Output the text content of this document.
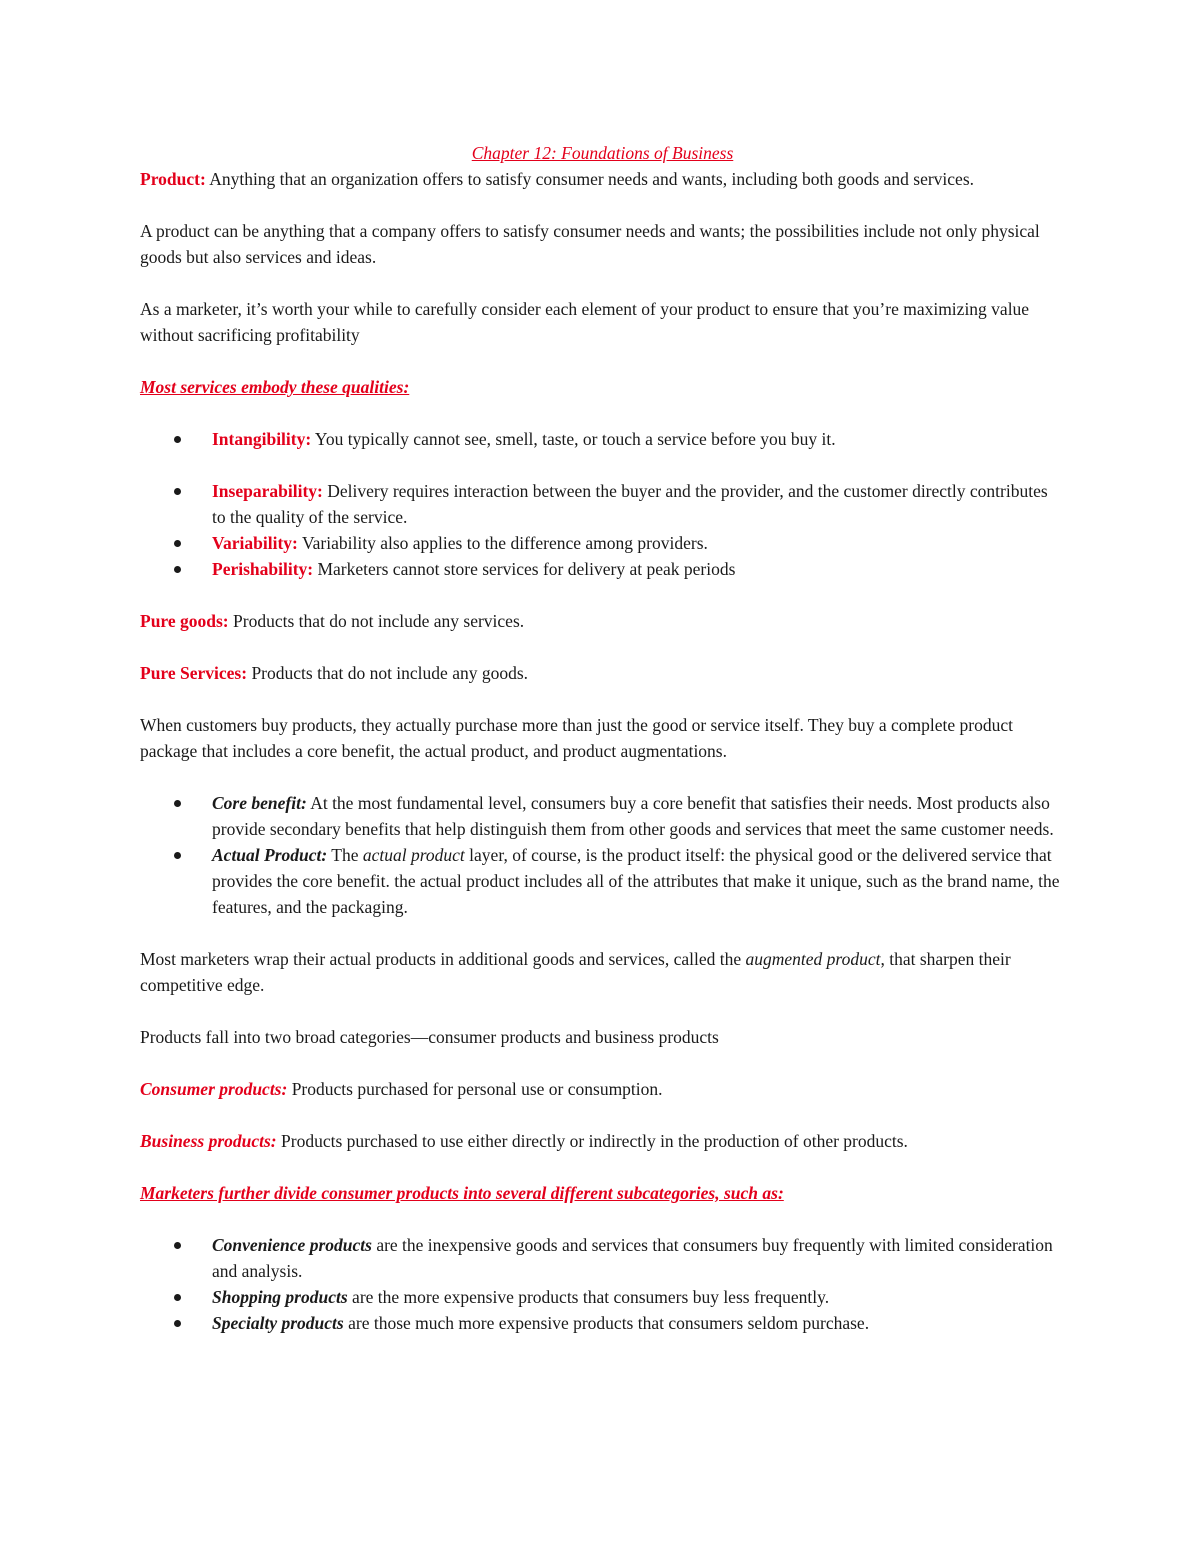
Chapter 12: Foundations of Business

Product: Anything that an organization offers to satisfy consumer needs and wants, including both goods and services.

A product can be anything that a company offers to satisfy consumer needs and wants; the possibilities include not only physical goods but also services and ideas.

As a marketer, it’s worth your while to carefully consider each element of your product to ensure that you’re maximizing value without sacrificing profitability

Most services embody these qualities:

Intangibility: You typically cannot see, smell, taste, or touch a service before you buy it.
Inseparability: Delivery requires interaction between the buyer and the provider, and the customer directly contributes to the quality of the service.
Variability: Variability also applies to the difference among providers.
Perishability: Marketers cannot store services for delivery at peak periods

Pure goods: Products that do not include any services.

Pure Services: Products that do not include any goods.

When customers buy products, they actually purchase more than just the good or service itself. They buy a complete product package that includes a core benefit, the actual product, and product augmentations.

Core benefit: At the most fundamental level, consumers buy a core benefit that satisfies their needs. Most products also provide secondary benefits that help distinguish them from other goods and services that meet the same customer needs.
Actual Product: The actual product layer, of course, is the product itself: the physical good or the delivered service that provides the core benefit. the actual product includes all of the attributes that make it unique, such as the brand name, the features, and the packaging.

Most marketers wrap their actual products in additional goods and services, called the augmented product, that sharpen their competitive edge.

Products fall into two broad categories—consumer products and business products

Consumer products: Products purchased for personal use or consumption.

Business products: Products purchased to use either directly or indirectly in the production of other products.

Marketers further divide consumer products into several different subcategories, such as:

Convenience products are the inexpensive goods and services that consumers buy frequently with limited consideration and analysis.
Shopping products are the more expensive products that consumers buy less frequently.
Specialty products are those much more expensive products that consumers seldom purchase.
